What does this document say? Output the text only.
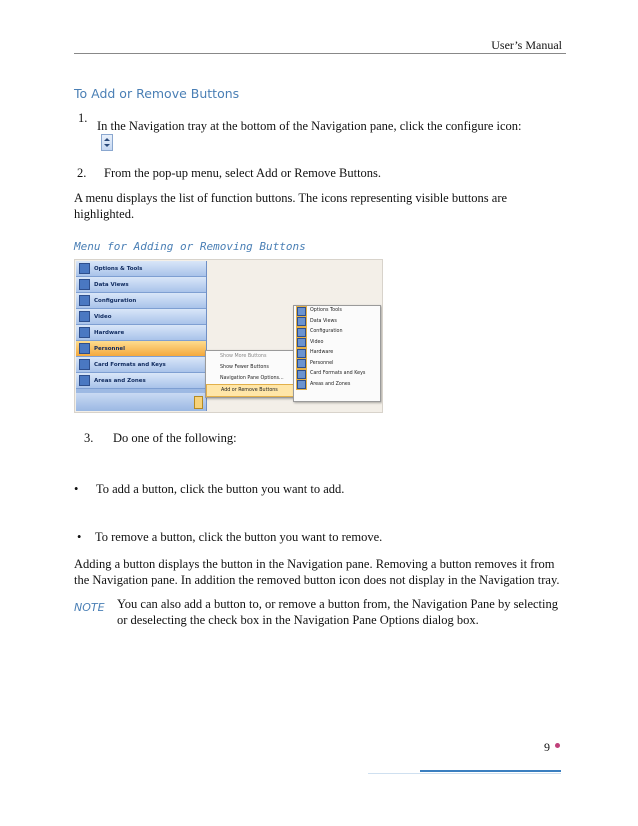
User’s Manual
To Add or Remove Buttons
1.
In the Navigation tray at the bottom of the Navigation pane, click the configure icon:
2. From the pop-up menu, select Add or Remove Buttons.
A menu displays the list of function buttons. The icons representing visible buttons are highlighted.
Menu for Adding or Removing Buttons
Options & Tools
Data Views
Configuration
Video
Hardware
Personnel
Card Formats and Keys
Areas and Zones
Show More Buttons
Show Fewer Buttons
Navigation Pane Options...
Add or Remove Buttons
Options Tools
Data Views
Configuration
Video
Hardware
Personnel
Card Formats and Keys
Areas and Zones
3. Do one of the following:
• To add a button, click the button you want to add.
• To remove a button, click the button you want to remove.
Adding a button displays the button in the Navigation pane. Removing a button removes it from the Navigation pane. In addition the removed button icon does not display in the Navigation tray.
NOTE You can also add a button to, or remove a button from, the Navigation Pane by selecting or deselecting the check box in the Navigation Pane Options dialog box.
9
